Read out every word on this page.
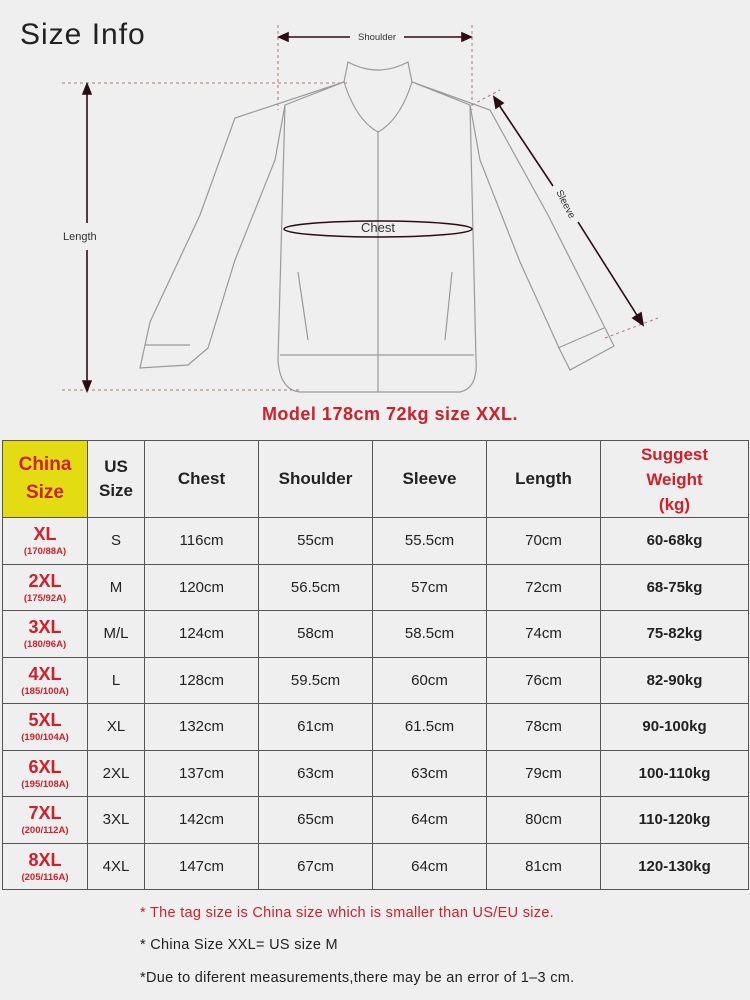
Size Info	Shoulder
Chest
Length
Sleeve
Model 178cm 72kg size XXL.
China
Size	US
Size	Chest	Shoulder	Sleeve	Length	Suggest
Weight
(kg)

XL
(170/88A)	S	116cm	55cm	55.5cm	70cm	60-68kg

2XL
(175/92A)	M	120cm	56.5cm	57cm	72cm	68-75kg

3XL
(180/96A)	M/L	124cm	58cm	58.5cm	74cm	75-82kg

4XL
(185/100A)	L	128cm	59.5cm	60cm	76cm	82-90kg

5XL
(190/104A)	XL	132cm	61cm	61.5cm	78cm	90-100kg

6XL
(195/108A)	2XL	137cm	63cm	63cm	79cm	100-110kg

7XL
(200/112A)	3XL	142cm	65cm	64cm	80cm	110-120kg

8XL
(205/116A)	4XL	147cm	67cm	64cm	81cm	120-130kg
* The tag size is China size which is smaller than US/EU size.
* China Size XXL= US size M
*Due to diferent measurements,there may be an error of 1–3 cm.
